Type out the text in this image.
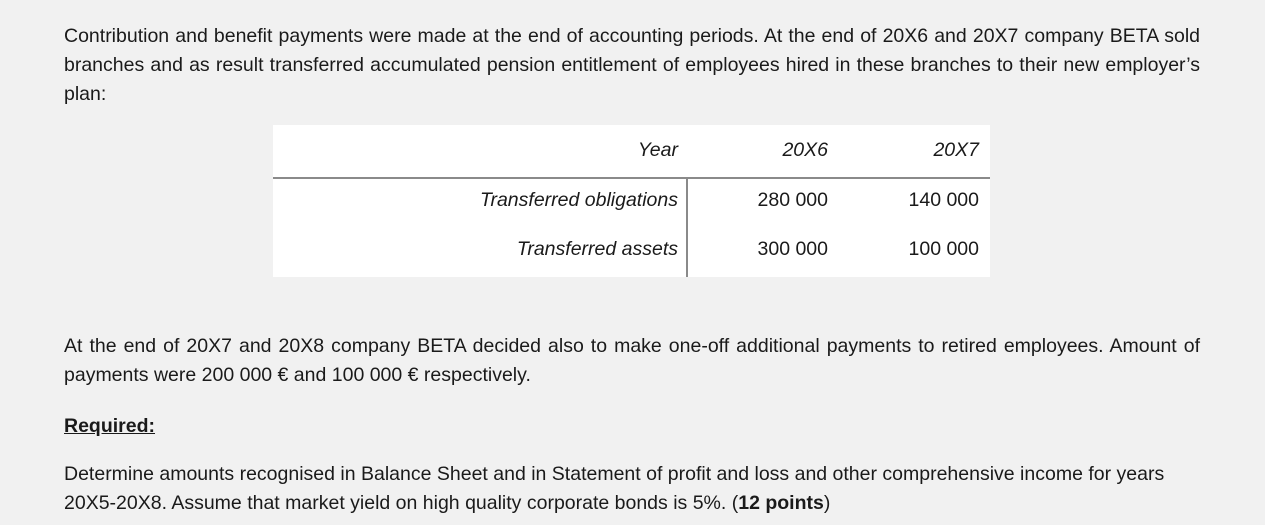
Contribution and benefit payments were made at the end of accounting periods. At the end of 20X6 and 20X7 company BETA sold branches and as result transferred accumulated pension entitlement of employees hired in these branches to their new employer’s plan:

Year	20X6	20X7
Transferred obligations	280 000	140 000
Transferred assets	300 000	100 000

At the end of 20X7 and 20X8 company BETA decided also to make one-off additional payments to retired employees. Amount of payments were 200 000 € and 100 000 € respectively.

Required:

Determine amounts recognised in Balance Sheet and in Statement of profit and loss and other comprehensive income for years 20X5-20X8. Assume that market yield on high quality corporate bonds is 5%. (12 points)
